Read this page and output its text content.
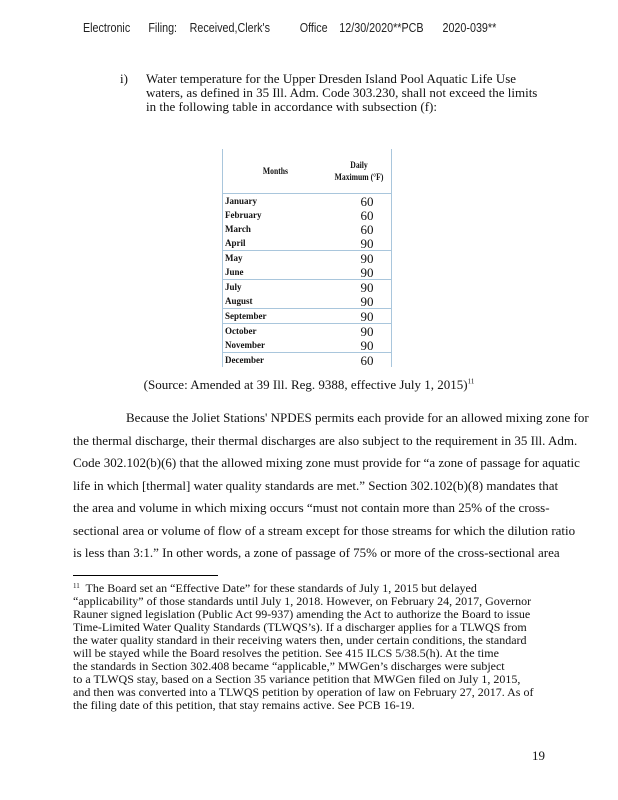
Electronic Filing: Received,Clerk's Office 12/30/2020**PCB 2020-039**
i) Water temperature for the Upper Dresden Island Pool Aquatic Life Use waters, as defined in 35 Ill. Adm. Code 303.230, shall not exceed the limits in the following table in accordance with subsection (f):
Months	Daily Maximum (°F)
January	60
February	60
March	60
April	90
May	90
June	90
July	90
August	90
September	90
October	90
November	90
December	60
(Source: Amended at 39 Ill. Reg. 9388, effective July 1, 2015)$^{11}$
Because the Joliet Stations' NPDES permits each provide for an allowed mixing zone for
the thermal discharge, their thermal discharges are also subject to the requirement in 35 Ill. Adm.
Code 302.102(b)(6) that the allowed mixing zone must provide for “a zone of passage for aquatic
life in which [thermal] water quality standards are met.” Section 302.102(b)(8) mandates that
the area and volume in which mixing occurs “must not contain more than 25% of the cross-
sectional area or volume of flow of a stream except for those streams for which the dilution ratio
is less than 3:1.” In other words, a zone of passage of 75% or more of the cross-sectional area
$^{11}$ The Board set an “Effective Date” for these standards of July 1, 2015 but delayed
“applicability” of those standards until July 1, 2018. However, on February 24, 2017, Governor
Rauner signed legislation (Public Act 99-937) amending the Act to authorize the Board to issue
Time-Limited Water Quality Standards (TLWQS’s). If a discharger applies for a TLWQS from
the water quality standard in their receiving waters then, under certain conditions, the standard
will be stayed while the Board resolves the petition. See 415 ILCS 5/38.5(h). At the time
the standards in Section 302.408 became “applicable,” MWGen’s discharges were subject
to a TLWQS stay, based on a Section 35 variance petition that MWGen filed on July 1, 2015,
and then was converted into a TLWQS petition by operation of law on February 27, 2017. As of
the filing date of this petition, that stay remains active. See PCB 16-19.
19
